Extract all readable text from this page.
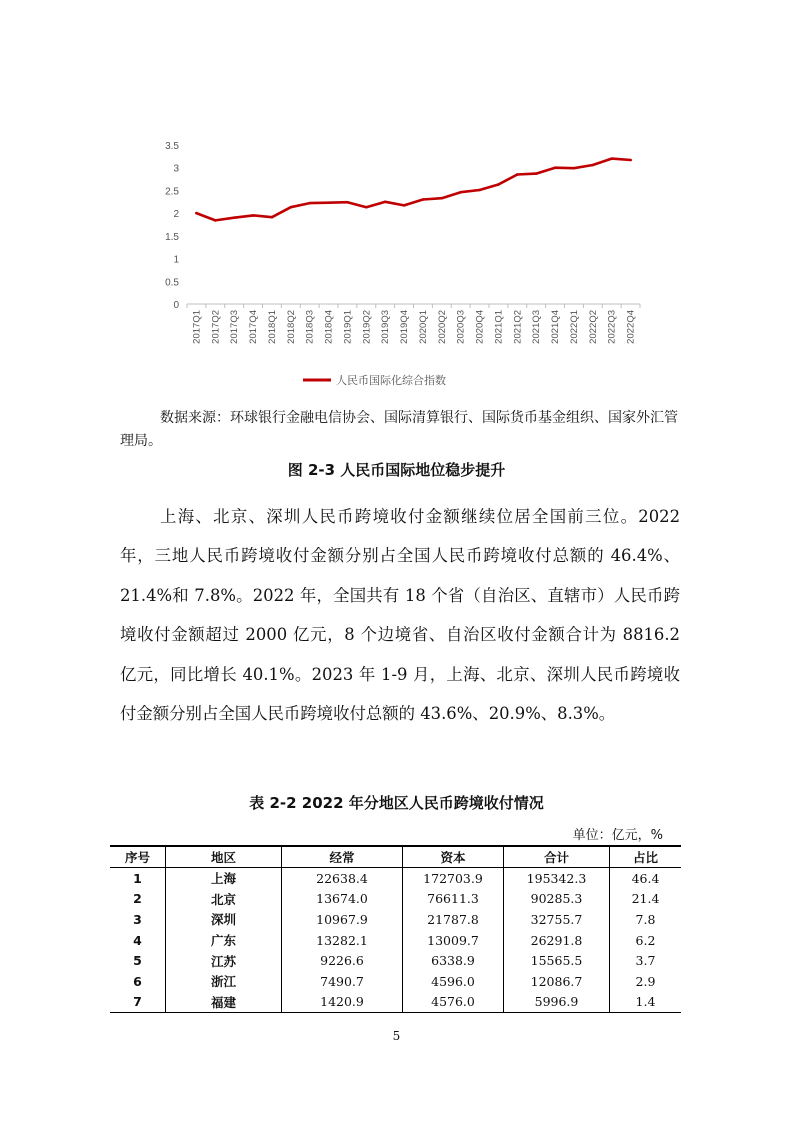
0
0.5
1
1.5
2
2.5
3
3.5
2017Q1 2017Q2 2017Q3 2017Q4 2018Q1 2018Q2 2018Q3 2018Q4 2019Q1 2019Q2 2019Q3 2019Q4 2020Q1 2020Q2 2020Q3 2020Q4 2021Q1 2021Q2 2021Q3 2021Q4 2022Q1 2022Q2 2022Q3 2022Q4
人民币国际化综合指数

数据来源：环球银行金融电信协会、国际清算银行、国际货币基金组织、国家外汇管理局。

图 2-3 人民币国际地位稳步提升

上海、北京、深圳人民币跨境收付金额继续位居全国前三位。2022 年，三地人民币跨境收付金额分别占全国人民币跨境收付总额的 46.4%、21.4%和 7.8%。2022 年，全国共有 18 个省（自治区、直辖市）人民币跨境收付金额超过 2000 亿元，8 个边境省、自治区收付金额合计为 8816.2 亿元，同比增长 40.1%。2023 年 1-9 月，上海、北京、深圳人民币跨境收付金额分别占全国人民币跨境收付总额的 43.6%、20.9%、8.3%。

表 2-2 2022 年分地区人民币跨境收付情况
单位：亿元，%
序号	地区	经常	资本	合计	占比
1	上海	22638.4	172703.9	195342.3	46.4
2	北京	13674.0	76611.3	90285.3	21.4
3	深圳	10967.9	21787.8	32755.7	7.8
4	广东	13282.1	13009.7	26291.8	6.2
5	江苏	9226.6	6338.9	15565.5	3.7
6	浙江	7490.7	4596.0	12086.7	2.9
7	福建	1420.9	4576.0	5996.9	1.4
5
